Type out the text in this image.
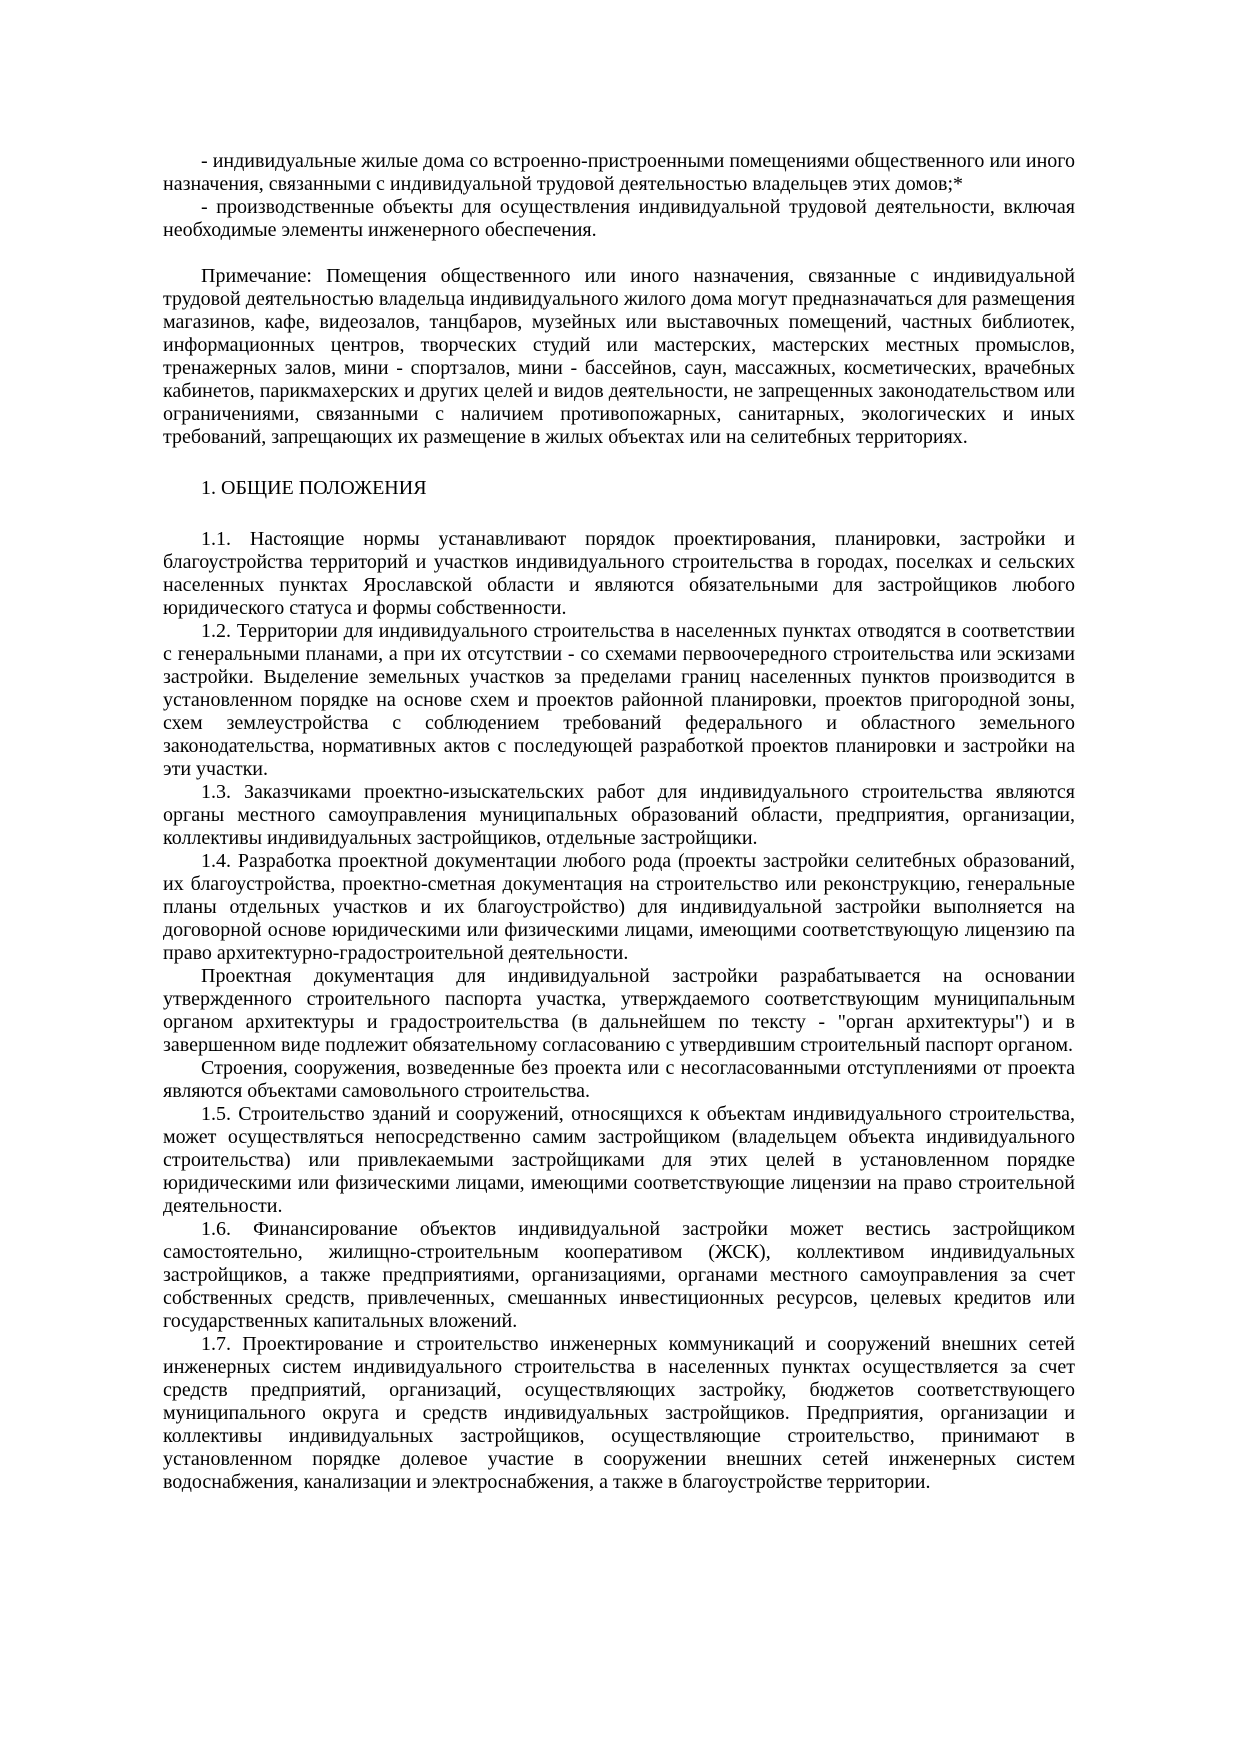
- индивидуальные жилые дома со встроенно-пристроенными помещениями общественного или иного назначения, связанными с индивидуальной трудовой деятельностью владельцев этих домов;*

- производственные объекты для осуществления индивидуальной трудовой деятельности, включая необходимые элементы инженерного обеспечения.

Примечание: Помещения общественного или иного назначения, связанные с индивидуальной трудовой деятельностью владельца индивидуального жилого дома могут предназначаться для размещения магазинов, кафе, видеозалов, танцбаров, музейных или выставочных помещений, частных библиотек, информационных центров, творческих студий или мастерских, мастерских местных промыслов, тренажерных залов, мини - спортзалов, мини - бассейнов, саун, массажных, косметических, врачебных кабинетов, парикмахерских и других целей и видов деятельности, не запрещенных законодательством или ограничениями, связанными с наличием противопожарных, санитарных, экологических и иных требований, запрещающих их размещение в жилых объектах или на селитебных территориях.

1. ОБЩИЕ ПОЛОЖЕНИЯ

1.1. Настоящие нормы устанавливают порядок проектирования, планировки, застройки и благоустройства территорий и участков индивидуального строительства в городах, поселках и сельских населенных пунктах Ярославской области и являются обязательными для застройщиков любого юридического статуса и формы собственности.

1.2. Территории для индивидуального строительства в населенных пунктах отводятся в соответствии с генеральными планами, а при их отсутствии - со схемами первоочередного строительства или эскизами застройки. Выделение земельных участков за пределами границ населенных пунктов производится в установленном порядке на основе схем и проектов районной планировки, проектов пригородной зоны, схем землеустройства с соблюдением требований федерального и областного земельного законодательства, нормативных актов с последующей разработкой проектов планировки и застройки на эти участки.

1.3. Заказчиками проектно-изыскательских работ для индивидуального строительства являются органы местного самоуправления муниципальных образований области, предприятия, организации, коллективы индивидуальных застройщиков, отдельные застройщики.

1.4. Разработка проектной документации любого рода (проекты застройки селитебных образований, их благоустройства, проектно-сметная документация на строительство или реконструкцию, генеральные планы отдельных участков и их благоустройство) для индивидуальной застройки выполняется на договорной основе юридическими или физическими лицами, имеющими соответствующую лицензию па право архитектурно-градостроительной деятельности.

Проектная документация для индивидуальной застройки разрабатывается на основании утвержденного строительного паспорта участка, утверждаемого соответствующим муниципальным органом архитектуры и градостроительства (в дальнейшем по тексту - "орган архитектуры") и в завершенном виде подлежит обязательному согласованию с утвердившим строительный паспорт органом.

Строения, сооружения, возведенные без проекта или с несогласованными отступлениями от проекта являются объектами самовольного строительства.

1.5. Строительство зданий и сооружений, относящихся к объектам индивидуального строительства, может осуществляться непосредственно самим застройщиком (владельцем объекта индивидуального строительства) или привлекаемыми застройщиками для этих целей в установленном порядке юридическими или физическими лицами, имеющими соответствующие лицензии на право строительной деятельности.

1.6. Финансирование объектов индивидуальной застройки может вестись застройщиком самостоятельно, жилищно-строительным кооперативом (ЖСК), коллективом индивидуальных застройщиков, а также предприятиями, организациями, органами местного самоуправления за счет собственных средств, привлеченных, смешанных инвестиционных ресурсов, целевых кредитов или государственных капитальных вложений.

1.7. Проектирование и строительство инженерных коммуникаций и сооружений внешних сетей инженерных систем индивидуального строительства в населенных пунктах осуществляется за счет средств предприятий, организаций, осуществляющих застройку, бюджетов соответствующего муниципального округа и средств индивидуальных застройщиков. Предприятия, организации и коллективы индивидуальных застройщиков, осуществляющие строительство, принимают в установленном порядке долевое участие в сооружении внешних сетей инженерных систем водоснабжения, канализации и электроснабжения, а также в благоустройстве территории.
